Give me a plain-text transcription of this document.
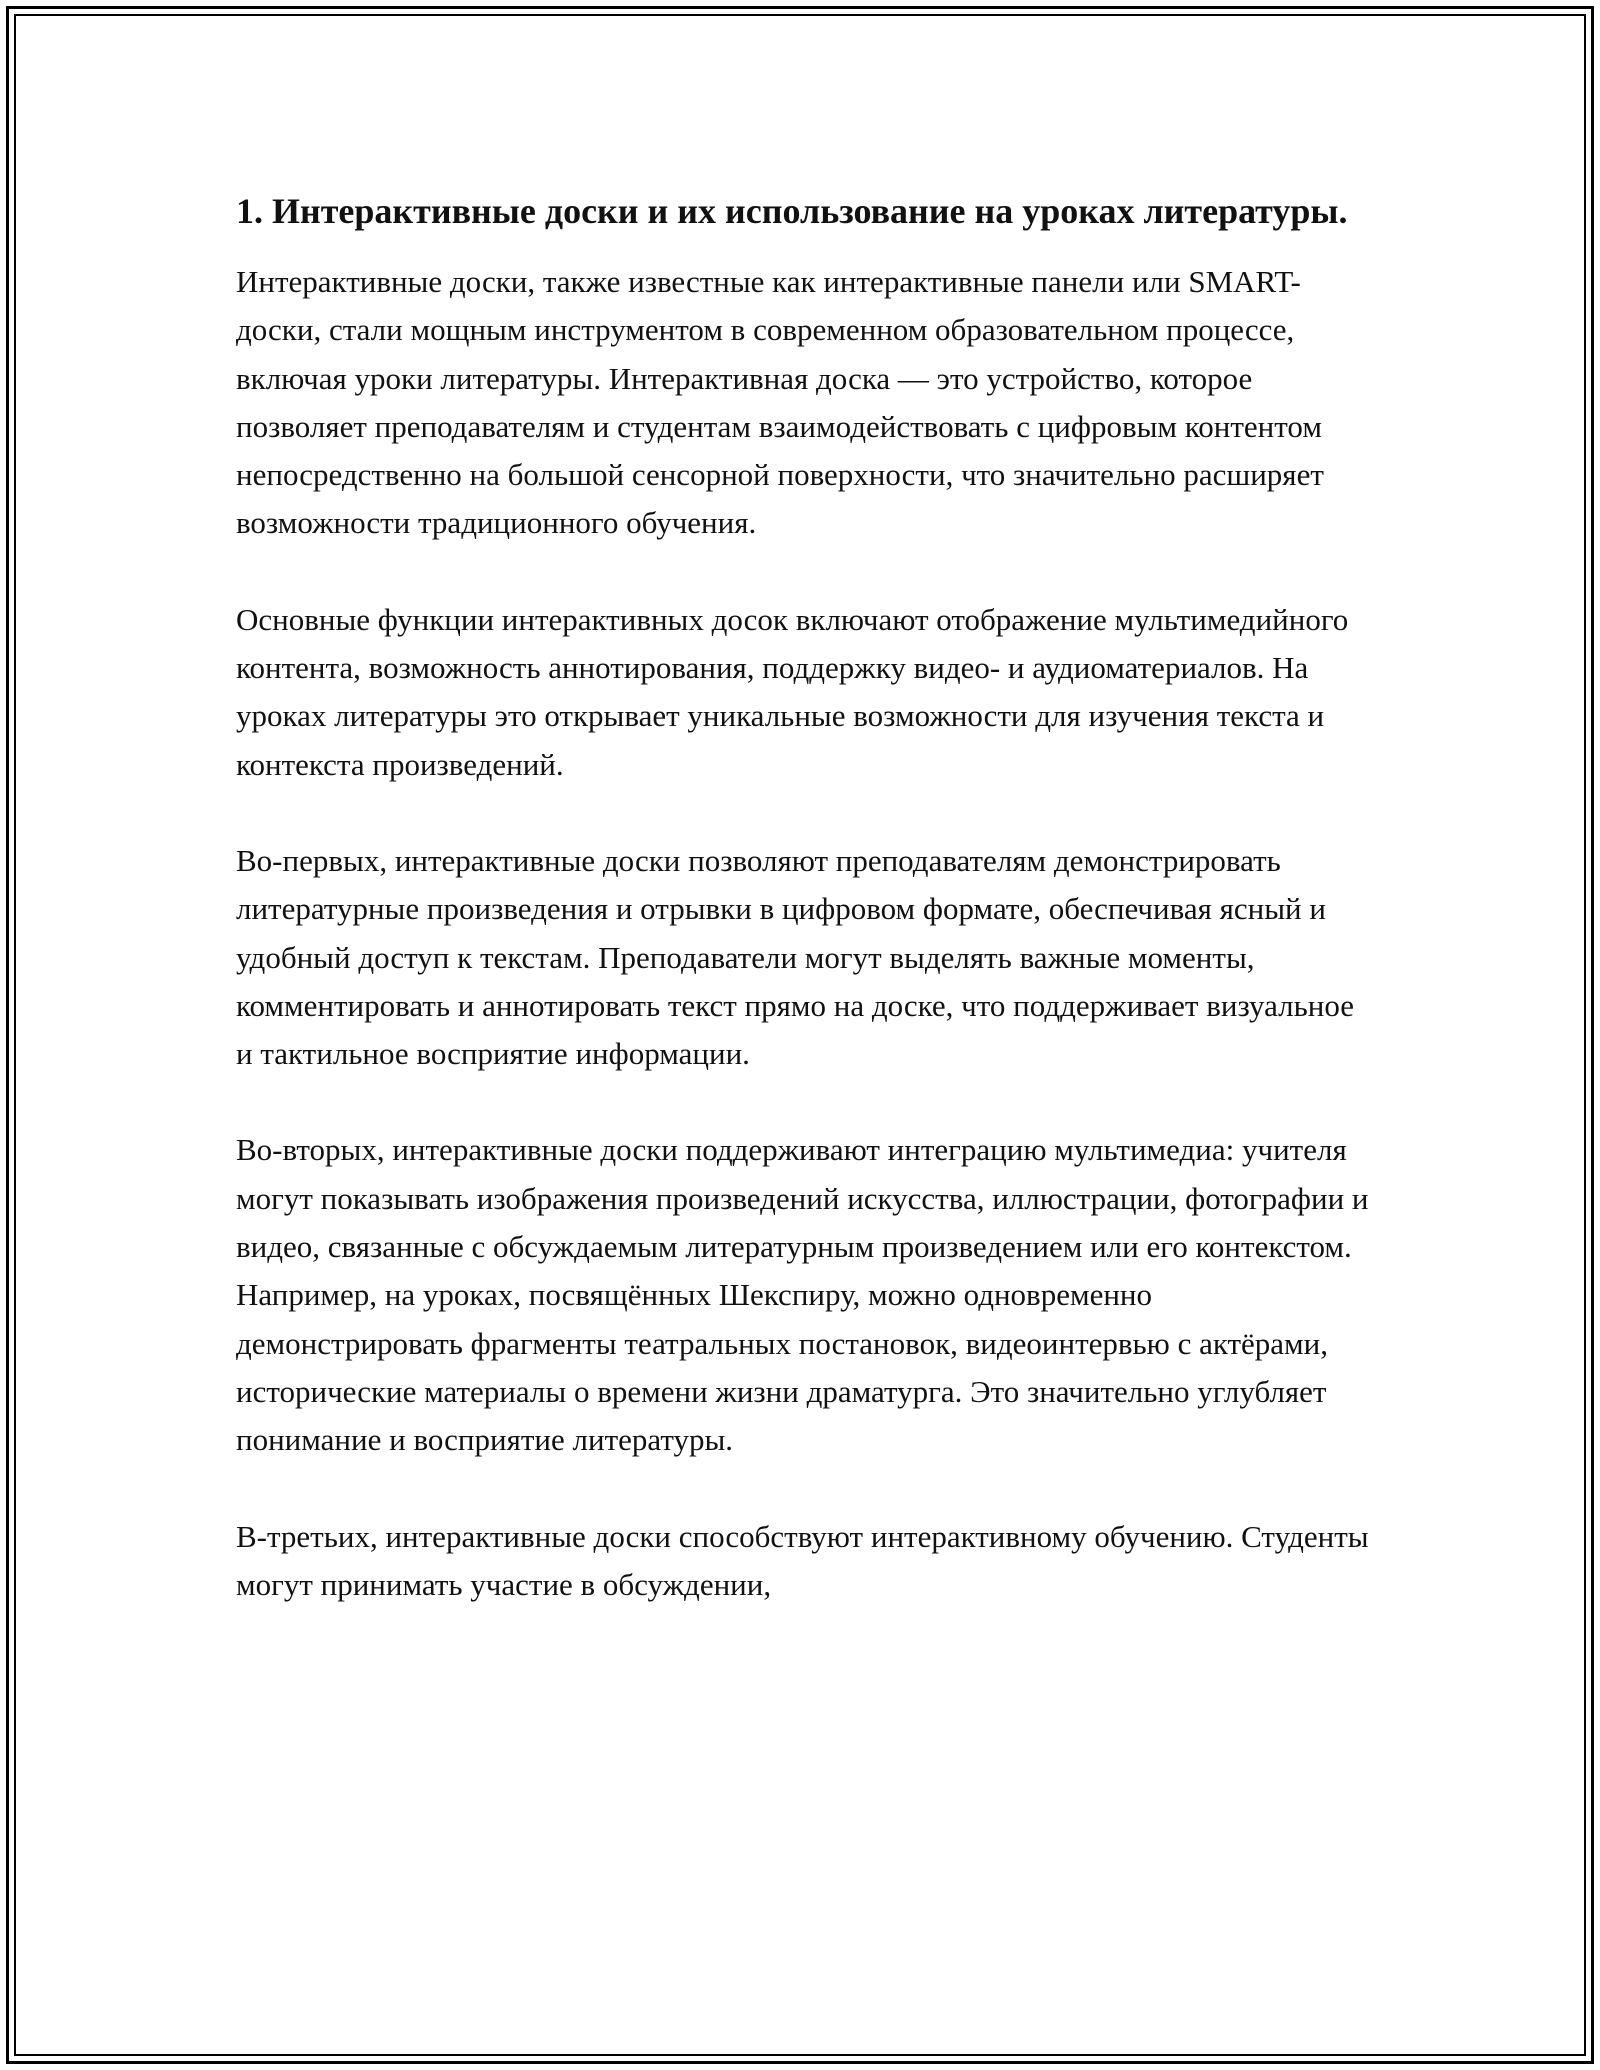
1. Интерактивные доски и их использование на уроках литературы.

Интерактивные доски, также известные как интерактивные панели или SMART-доски, стали мощным инструментом в современном образовательном процессе, включая уроки литературы. Интерактивная доска — это устройство, которое позволяет преподавателям и студентам взаимодействовать с цифровым контентом непосредственно на большой сенсорной поверхности, что значительно расширяет возможности традиционного обучения.

Основные функции интерактивных досок включают отображение мультимедийного контента, возможность аннотирования, поддержку видео- и аудиоматериалов. На уроках литературы это открывает уникальные возможности для изучения текста и контекста произведений.

Во-первых, интерактивные доски позволяют преподавателям демонстрировать литературные произведения и отрывки в цифровом формате, обеспечивая ясный и удобный доступ к текстам. Преподаватели могут выделять важные моменты, комментировать и аннотировать текст прямо на доске, что поддерживает визуальное и тактильное восприятие информации.

Во-вторых, интерактивные доски поддерживают интеграцию мультимедиа: учителя могут показывать изображения произведений искусства, иллюстрации, фотографии и видео, связанные с обсуждаемым литературным произведением или его контекстом. Например, на уроках, посвящённых Шекспиру, можно одновременно демонстрировать фрагменты театральных постановок, видеоинтервью с актёрами, исторические материалы о времени жизни драматурга. Это значительно углубляет понимание и восприятие литературы.

В-третьих, интерактивные доски способствуют интерактивному обучению. Студенты могут принимать участие в обсуждении,
